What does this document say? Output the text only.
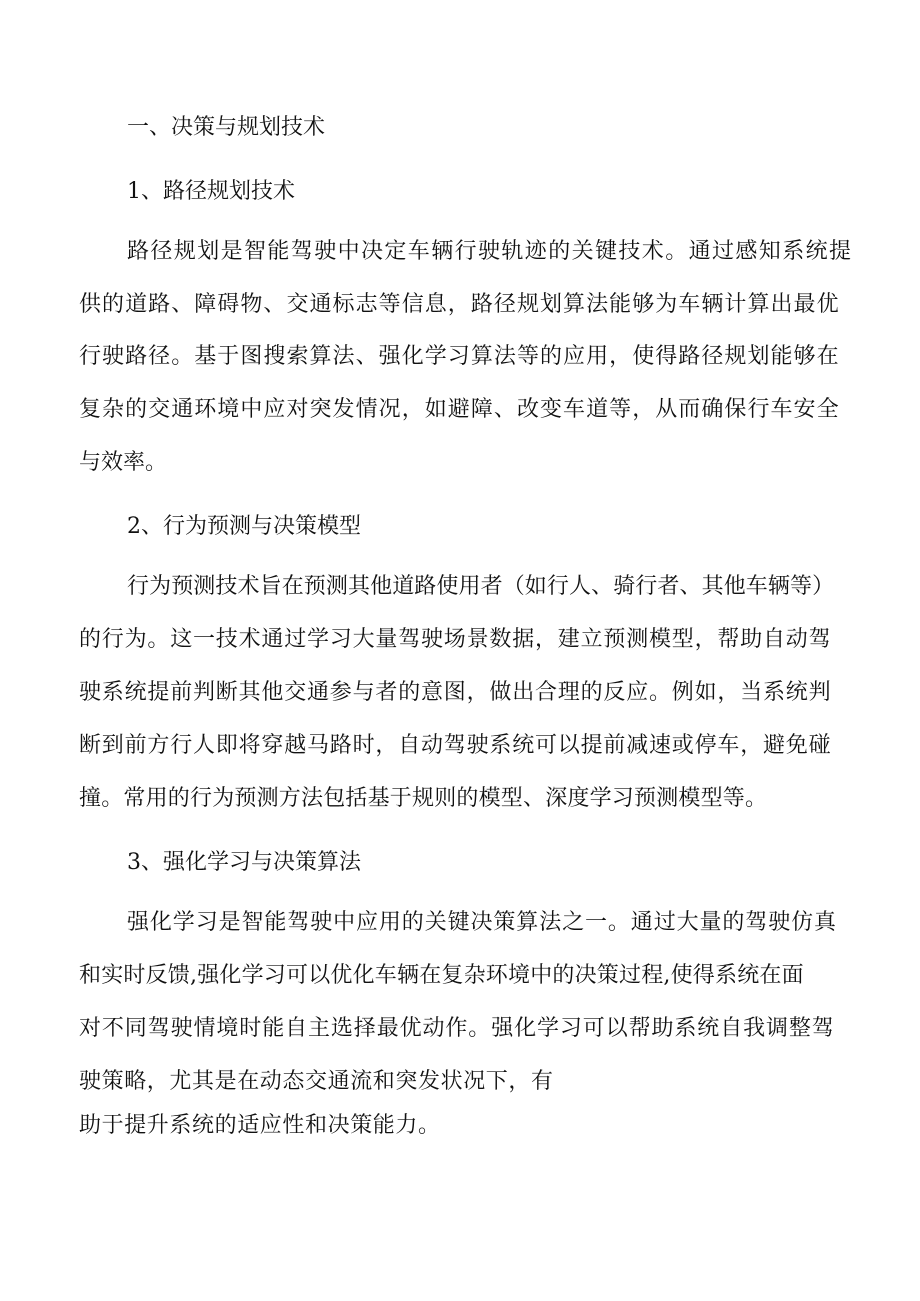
一、决策与规划技术
1、路径规划技术
路径规划是智能驾驶中决定车辆行驶轨迹的关键技术。通过感知系统提
供的道路、障碍物、交通标志等信息，路径规划算法能够为车辆计算出最优
行驶路径。基于图搜索算法、强化学习算法等的应用，使得路径规划能够在
复杂的交通环境中应对突发情况，如避障、改变车道等，从而确保行车安全
与效率。
2、行为预测与决策模型
行为预测技术旨在预测其他道路使用者（如行人、骑行者、其他车辆等）
的行为。这一技术通过学习大量驾驶场景数据，建立预测模型，帮助自动驾
驶系统提前判断其他交通参与者的意图，做出合理的反应。例如，当系统判
断到前方行人即将穿越马路时，自动驾驶系统可以提前减速或停车，避免碰
撞。常用的行为预测方法包括基于规则的模型、深度学习预测模型等。
3、强化学习与决策算法
强化学习是智能驾驶中应用的关键决策算法之一。通过大量的驾驶仿真
和实时反馈,强化学习可以优化车辆在复杂环境中的决策过程,使得系统在面
对不同驾驶情境时能自主选择最优动作。强化学习可以帮助系统自我调整驾
驶策略，尤其是在动态交通流和突发状况下，有
助于提升系统的适应性和决策能力。
